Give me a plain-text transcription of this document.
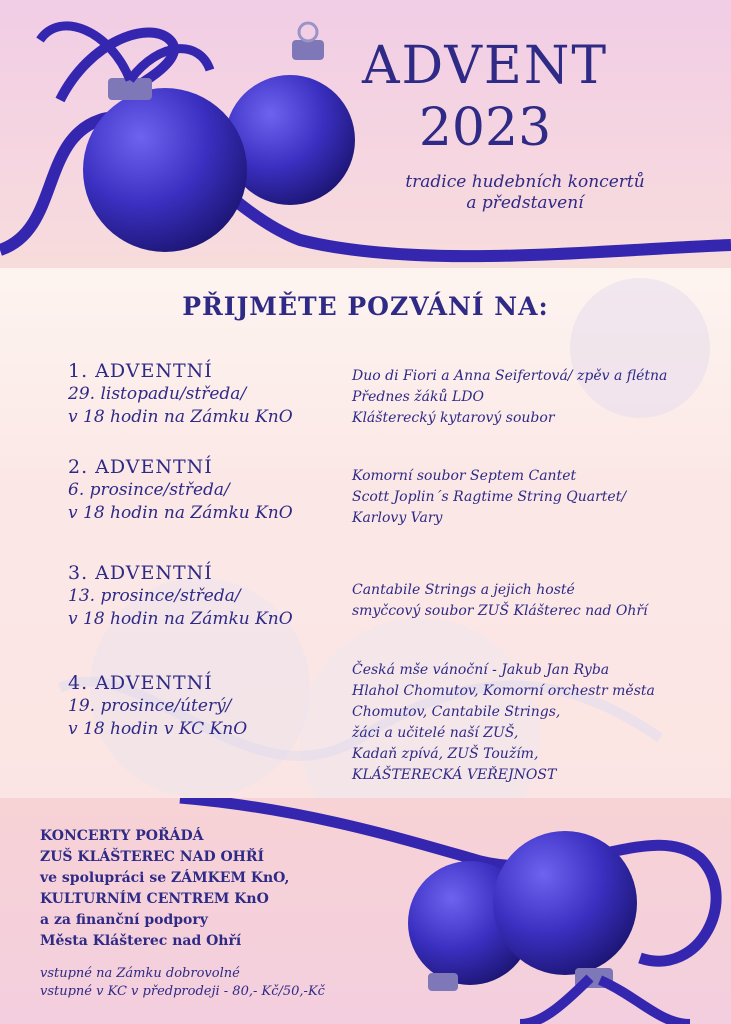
ADVENT
2023
tradice hudebních koncertů
a představení
PŘIJMĚTE POZVÁNÍ NA:
1. ADVENTNÍ
29. listopadu/středa/
v 18 hodin na Zámku KnO
Duo di Fiori a Anna Seifertová/ zpěv a flétna
Přednes žáků LDO
Klášterecký kytarový soubor
2. ADVENTNÍ
6. prosince/středa/
v 18 hodin na Zámku KnO
Komorní soubor Septem Cantet
Scott Joplin´s Ragtime String Quartet/
Karlovy Vary
3. ADVENTNÍ
13. prosince/středa/
v 18 hodin na Zámku KnO
Cantabile Strings a jejich hosté
smyčcový soubor ZUŠ Klášterec nad Ohří
4. ADVENTNÍ
19. prosince/úterý/
v 18 hodin v KC KnO
Česká mše vánoční - Jakub Jan Ryba
Hlahol Chomutov, Komorní orchestr města
Chomutov, Cantabile Strings,
žáci a učitelé naší ZUŠ,
Kadaň zpívá, ZUŠ Toužím,
KLÁŠTERECKÁ VEŘEJNOST
KONCERTY POŘÁDÁ
ZUŠ KLÁŠTEREC NAD OHŘÍ
ve spolupráci se ZÁMKEM KnO,
KULTURNÍM CENTREM KnO
a za finanční podpory
Města Klášterec nad Ohří
vstupné na Zámku dobrovolné
vstupné v KC v předprodeji - 80,- Kč/50,-Kč
